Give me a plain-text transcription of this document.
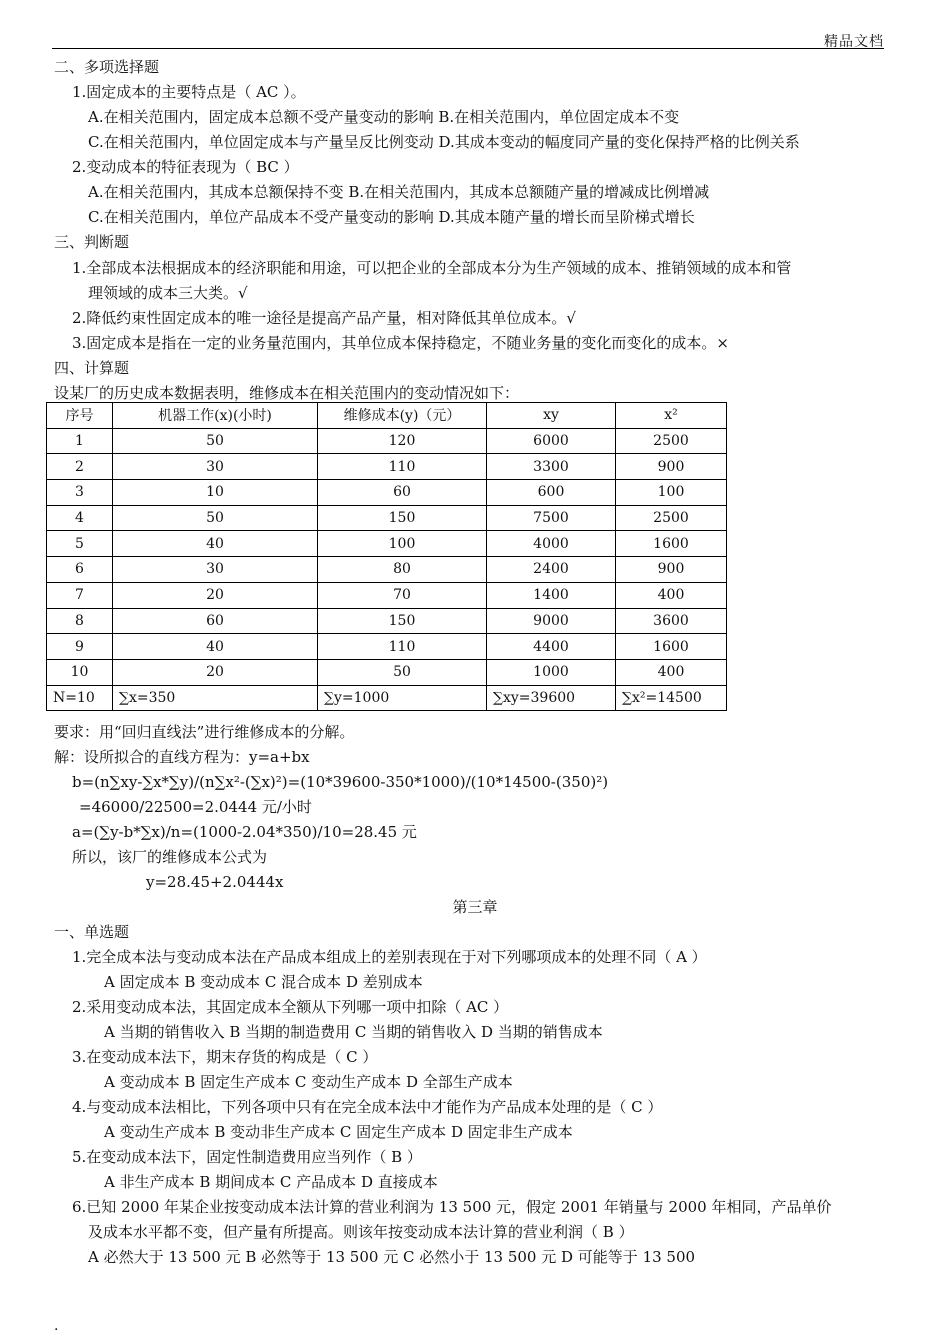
精品文档
二、多项选择题
1.固定成本的主要特点是（ AC ）。
A.在相关范围内，固定成本总额不受产量变动的影响 B.在相关范围内，单位固定成本不变
C.在相关范围内，单位固定成本与产量呈反比例变动 D.其成本变动的幅度同产量的变化保持严格的比例关系
2.变动成本的特征表现为（ BC ）
A.在相关范围内，其成本总额保持不变 B.在相关范围内，其成本总额随产量的增减成比例增减
C.在相关范围内，单位产品成本不受产量变动的影响 D.其成本随产量的增长而呈阶梯式增长
三、判断题
1.全部成本法根据成本的经济职能和用途，可以把企业的全部成本分为生产领域的成本、推销领域的成本和管
理领域的成本三大类。√
2.降低约束性固定成本的唯一途径是提高产品产量，相对降低其单位成本。√
3.固定成本是指在一定的业务量范围内，其单位成本保持稳定，不随业务量的变化而变化的成本。×
四、计算题
设某厂的历史成本数据表明，维修成本在相关范围内的变动情况如下：
序号	机器工作(x)(小时)	维修成本(y)（元）	xy	x²
1	50	120	6000	2500
2	30	110	3300	900
3	10	60	600	100
4	50	150	7500	2500
5	40	100	4000	1600
6	30	80	2400	900
7	20	70	1400	400
8	60	150	9000	3600
9	40	110	4400	1600
10	20	50	1000	400
N=10	∑x=350	∑y=1000	∑xy=39600	∑x²=14500
要求：用“回归直线法”进行维修成本的分解。
解：设所拟合的直线方程为：y=a+bx
b=(n∑xy-∑x*∑y)/(n∑x²-(∑x)²)=(10*39600-350*1000)/(10*14500-(350)²)
=46000/22500=2.0444 元/小时
a=(∑y-b*∑x)/n=(1000-2.04*350)/10=28.45 元
所以，该厂的维修成本公式为
y=28.45+2.0444x
第三章
一、单选题
1.完全成本法与变动成本法在产品成本组成上的差别表现在于对下列哪项成本的处理不同（ A ）
A 固定成本 B 变动成本 C 混合成本 D 差别成本
2.采用变动成本法，其固定成本全额从下列哪一项中扣除（ AC ）
A 当期的销售收入 B 当期的制造费用 C 当期的销售收入 D 当期的销售成本
3.在变动成本法下，期末存货的构成是（ C ）
A 变动成本 B 固定生产成本 C 变动生产成本 D 全部生产成本
4.与变动成本法相比，下列各项中只有在完全成本法中才能作为产品成本处理的是（ C ）
A 变动生产成本 B 变动非生产成本 C 固定生产成本 D 固定非生产成本
5.在变动成本法下，固定性制造费用应当列作（ B ）
A 非生产成本 B 期间成本 C 产品成本 D 直接成本
6.已知 2000 年某企业按变动成本法计算的营业利润为 13 500 元，假定 2001 年销量与 2000 年相同，产品单价
及成本水平都不变，但产量有所提高。则该年按变动成本法计算的营业利润（ B ）
A 必然大于 13 500 元 B 必然等于 13 500 元 C 必然小于 13 500 元 D 可能等于 13 500
.
